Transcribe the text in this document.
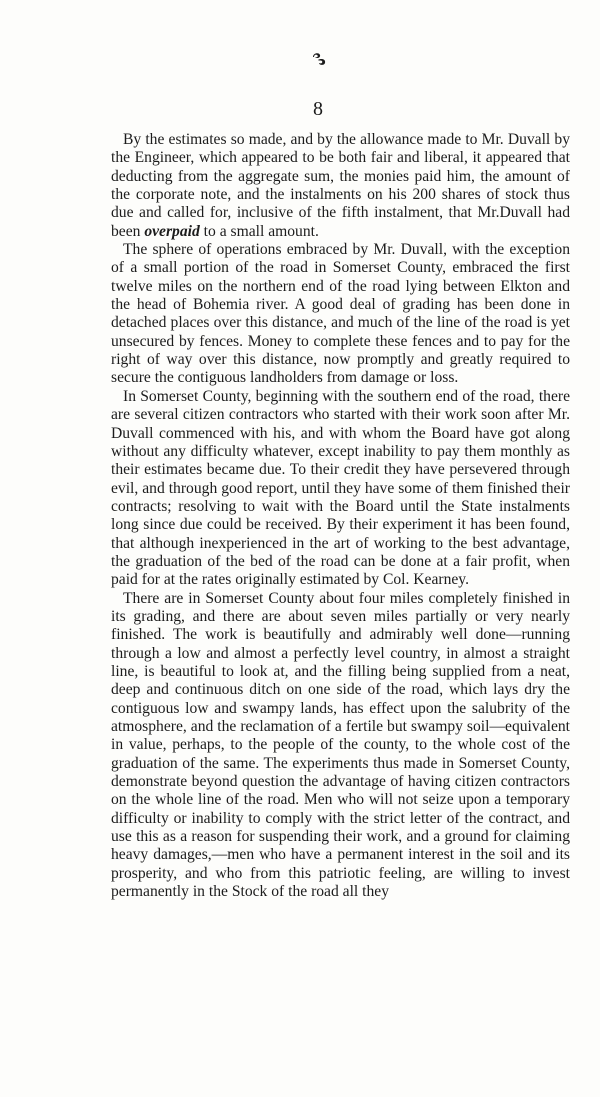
8

By the estimates so made, and by the allowance made to Mr. Duvall by the Engineer, which appeared to be both fair and liberal, it appeared that deducting from the aggregate sum, the monies paid him, the amount of the corporate note, and the instalments on his 200 shares of stock thus due and called for, inclusive of the fifth instalment, that Mr.Duvall had been overpaid to a small amount.

The sphere of operations embraced by Mr. Duvall, with the exception of a small portion of the road in Somerset County, embraced the first twelve miles on the northern end of the road lying between Elkton and the head of Bohemia river. A good deal of grading has been done in detached places over this distance, and much of the line of the road is yet unsecured by fences. Money to complete these fences and to pay for the right of way over this distance, now promptly and greatly required to secure the contiguous landholders from damage or loss.

In Somerset County, beginning with the southern end of the road, there are several citizen contractors who started with their work soon after Mr. Duvall commenced with his, and with whom the Board have got along without any difficulty whatever, except inability to pay them monthly as their estimates became due. To their credit they have persevered through evil, and through good report, until they have some of them finished their contracts; resolving to wait with the Board until the State instalments long since due could be received. By their experiment it has been found, that although inexperienced in the art of working to the best advantage, the graduation of the bed of the road can be done at a fair profit, when paid for at the rates originally estimated by Col. Kearney.

There are in Somerset County about four miles completely finished in its grading, and there are about seven miles partially or very nearly finished. The work is beautifully and admirably well done—running through a low and almost a perfectly level country, in almost a straight line, is beautiful to look at, and the filling being supplied from a neat, deep and continuous ditch on one side of the road, which lays dry the contiguous low and swampy lands, has effect upon the salubrity of the atmosphere, and the reclamation of a fertile but swampy soil—equivalent in value, perhaps, to the people of the county, to the whole cost of the graduation of the same. The experiments thus made in Somerset County, demonstrate beyond question the advantage of having citizen contractors on the whole line of the road. Men who will not seize upon a temporary difficulty or inability to comply with the strict letter of the contract, and use this as a reason for suspending their work, and a ground for claiming heavy damages,—men who have a permanent interest in the soil and its prosperity, and who from this patriotic feeling, are willing to invest permanently in the Stock of the road all they
